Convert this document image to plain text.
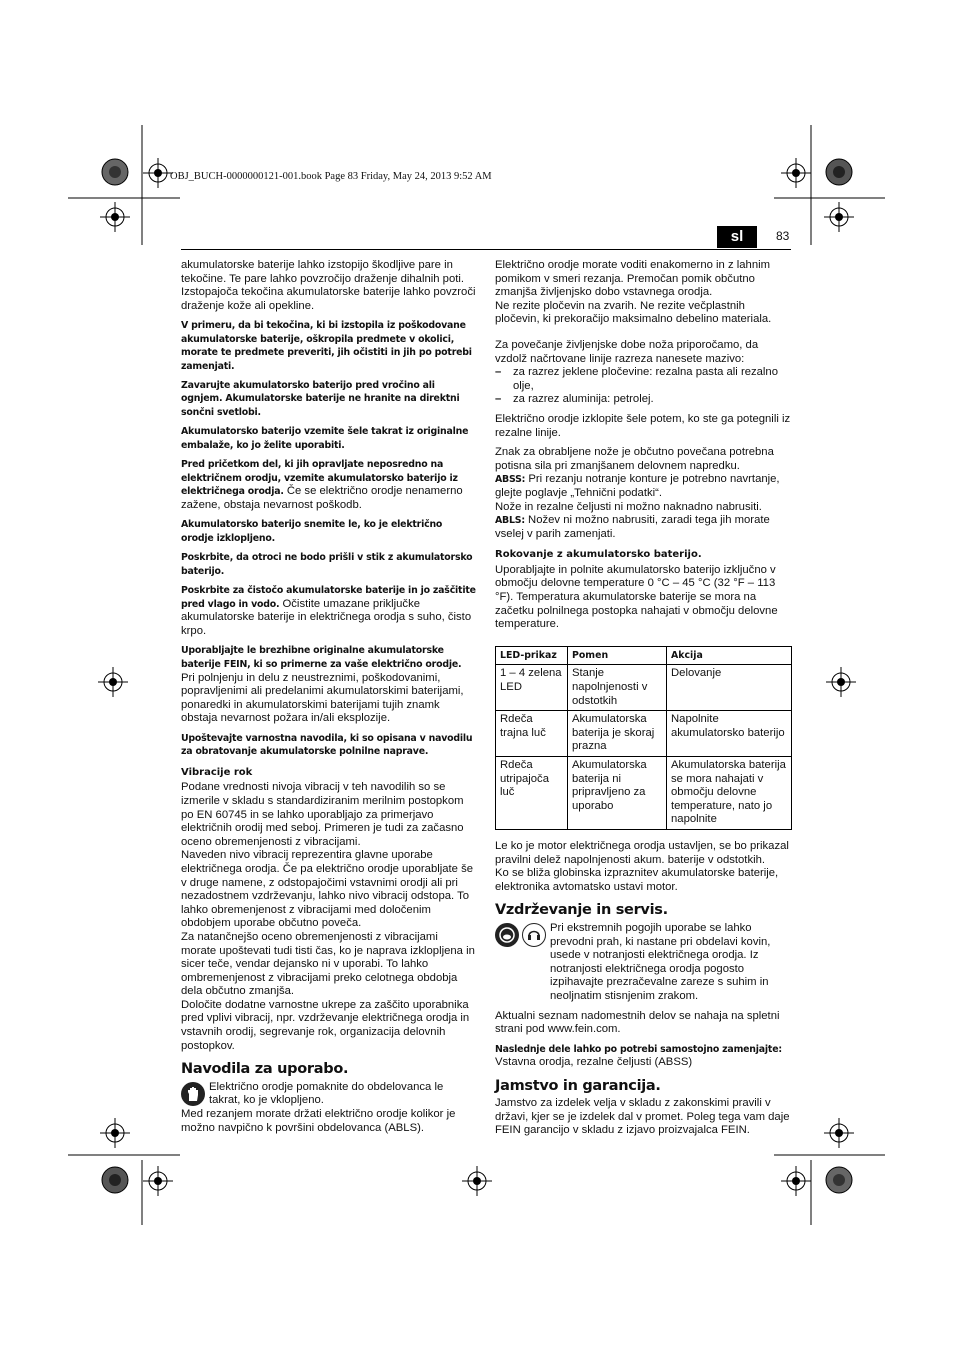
OBJ_BUCH-0000000121-001.book Page 83 Friday, May 24, 2013 9:52 AM
sl	83

akumulatorske baterije lahko izstopijo škodljive pare in tekočine. Te pare lahko povzročijo draženje dihalnih poti. Izstopajoča tekočina akumulatorske baterije lahko povzroči draženje kože ali opekline.

V primeru, da bi tekočina, ki bi izstopila iz poškodovane akumulatorske baterije, oškropila predmete v okolici, morate te predmete preveriti, jih očistiti in jih po potrebi zamenjati.

Zavarujte akumulatorsko baterijo pred vročino ali ognjem. Akumulatorske baterije ne hranite na direktni sončni svetlobi.

Akumulatorsko baterijo vzemite šele takrat iz originalne embalaže, ko jo želite uporabiti.

Pred pričetkom del, ki jih opravljate neposredno na električnem orodju, vzemite akumulatorsko baterijo iz električnega orodja. Če se električno orodje nenamerno zažene, obstaja nevarnost poškodb.

Akumulatorsko baterijo snemite le, ko je električno orodje izklopljeno.

Poskrbite, da otroci ne bodo prišli v stik z akumulatorsko baterijo.

Poskrbite za čistočo akumulatorske baterije in jo zaščitite pred vlago in vodo. Očistite umazane priključke akumulatorske baterije in električnega orodja s suho, čisto krpo.

Uporabljajte le brezhibne originalne akumulatorske baterije FEIN, ki so primerne za vaše električno orodje. Pri polnjenju in delu z neustreznimi, poškodovanimi, popravljenimi ali predelanimi akumulatorskimi baterijami, ponaredki in akumulatorskimi baterijami tujih znamk obstaja nevarnost požara in/ali eksplozije.

Upoštevajte varnostna navodila, ki so opisana v navodilu za obratovanje akumulatorske polnilne naprave.

Vibracije rok

Podane vrednosti nivoja vibracij v teh navodilih so se izmerile v skladu s standardiziranim merilnim postopkom po EN 60745 in se lahko uporabljajo za primerjavo električnih orodij med seboj. Primeren je tudi za začasno oceno obremenjenosti z vibracijami.

Naveden nivo vibracij reprezentira glavne uporabe električnega orodja. Če pa električno orodje uporabljate še v druge namene, z odstopajočimi vstavnimi orodji ali pri nezadostnem vzdrževanju, lahko nivo vibracij odstopa. To lahko obremenjenost z vibracijami med določenim obdobjem uporabe občutno poveča.

Za natančnejšo oceno obremenjenosti z vibracijami morate upoštevati tudi tisti čas, ko je naprava izklopljena in sicer teče, vendar dejansko ni v uporabi. To lahko ombremenjenost z vibracijami preko celotnega obdobja dela občutno zmanjša.

Določite dodatne varnostne ukrepe za zaščito uporabnika pred vplivi vibracij, npr. vzdrževanje električnega orodja in vstavnih orodij, segrevanje rok, organizacija delovnih postopkov.

Navodila za uporabo.

Električno orodje pomaknite do obdelovanca le takrat, ko je vklopljeno.

Med rezanjem morate držati električno orodje kolikor je možno navpično k površini obdelovanca (ABLS).

Električno orodje morate voditi enakomerno in z lahnim pomikom v smeri rezanja. Premočan pomik občutno zmanjša življenjsko dobo vstavnega orodja.

Ne rezite pločevin na zvarih. Ne rezite večplastnih pločevin, ki prekoračijo maksimalno debelino materiala.

Za povečanje življenjske dobe noža priporočamo, da vzdolž načrtovane linije razreza nanesete mazivo:

– za razrez jeklene pločevine: rezalna pasta ali rezalno olje,
– za razrez aluminija: petrolej.

Električno orodje izklopite šele potem, ko ste ga potegnili iz rezalne linije.

Znak za obrabljene nože je občutno povečana potrebna potisna sila pri zmanjšanem delovnem napredku.

ABSS: Pri rezanju notranje konture je potrebno navrtanje, glejte poglavje „Tehnični podatki“.

Nože in rezalne čeljusti ni možno naknadno nabrusiti.

ABLS: Nožev ni možno nabrusiti, zaradi tega jih morate vselej v parih zamenjati.

Rokovanje z akumulatorsko baterijo.

Uporabljajte in polnite akumulatorsko baterijo izključno v območju delovne temperature 0 °C – 45 °C (32 °F – 113 °F). Temperatura akumulatorske baterije se mora na začetku polnilnega postopka nahajati v območju delovne temperature.

LED-prikaz	Pomen	Akcija
1 – 4 zelena LED	Stanje napolnjenosti v odstotkih	Delovanje
Rdeča trajna luč	Akumulatorska baterija je skoraj prazna	Napolnite akumulatorsko baterijo
Rdeča utripajoča luč	Akumulatorska baterija ni pripravljeno za uporabo	Akumulatorska baterija se mora nahajati v območju delovne temperature, nato jo napolnite

Le ko je motor električnega orodja ustavljen, se bo prikazal pravilni delež napolnjenosti akum. baterije v odstotkih.

Ko se bliža globinska izpraznitev akumulatorske baterije, elektronika avtomatsko ustavi motor.

Vzdrževanje in servis.

Pri ekstremnih pogojih uporabe se lahko prevodni prah, ki nastane pri obdelavi kovin, usede v notranjosti električnega orodja. Iz notranjosti električnega orodja pogosto izpihavajte prezračevalne zareze s suhim in neoljnatim stisnjenim zrakom.

Aktualni seznam nadomestnih delov se nahaja na spletni strani pod www.fein.com.

Naslednje dele lahko po potrebi samostojno zamenjajte:

Vstavna orodja, rezalne čeljusti (ABSS)

Jamstvo in garancija.

Jamstvo za izdelek velja v skladu z zakonskimi pravili v državi, kjer se je izdelek dal v promet. Poleg tega vam daje FEIN garancijo v skladu z izjavo proizvajalca FEIN.
